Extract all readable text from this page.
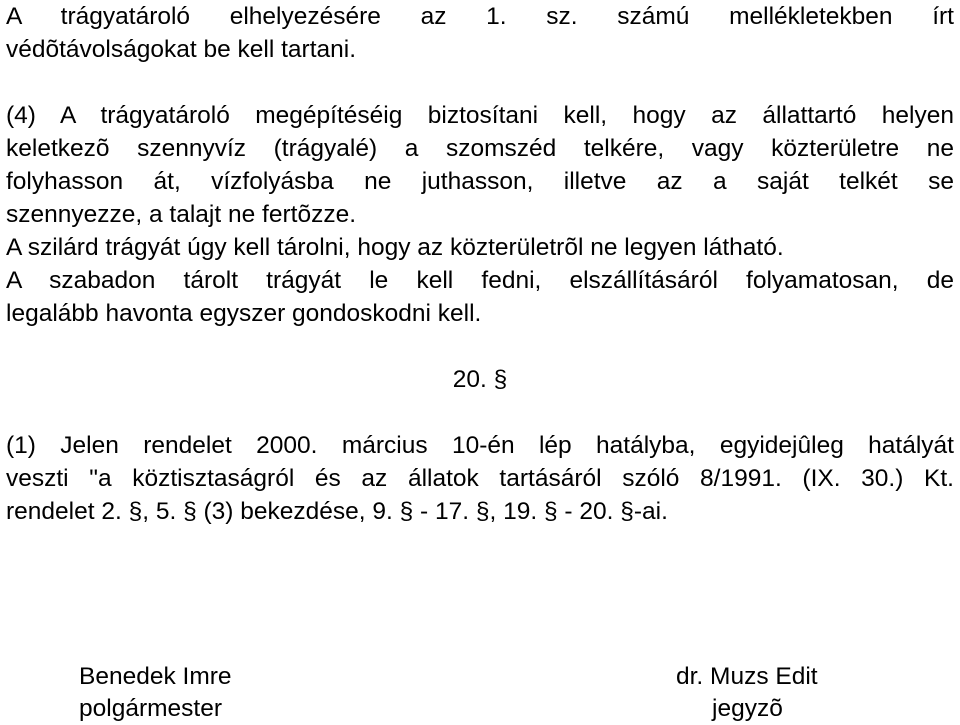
A trágyatároló elhelyezésére az 1. sz. számú mellékletekben írt
védõtávolságokat be kell tartani.
(4) A trágyatároló megépítéséig biztosítani kell, hogy az állattartó helyen
keletkezõ szennyvíz (trágyalé) a szomszéd telkére, vagy közterületre ne
folyhasson át, vízfolyásba ne juthasson, illetve az a saját telkét se
szennyezze, a talajt ne fertõzze.
A szilárd trágyát úgy kell tárolni, hogy az közterületrõl ne legyen látható.
A szabadon tárolt trágyát le kell fedni, elszállításáról folyamatosan, de
legalább havonta egyszer gondoskodni kell.
20. §
(1) Jelen rendelet 2000. március 10-én lép hatályba, egyidejûleg hatályát
veszti "a köztisztaságról és az állatok tartásáról szóló 8/1991. (IX. 30.) Kt.
rendelet 2. §, 5. § (3) bekezdése, 9. § - 17. §, 19. § - 20. §-ai.
Benedek Imre
polgármester
dr. Muzs Edit
jegyzõ
